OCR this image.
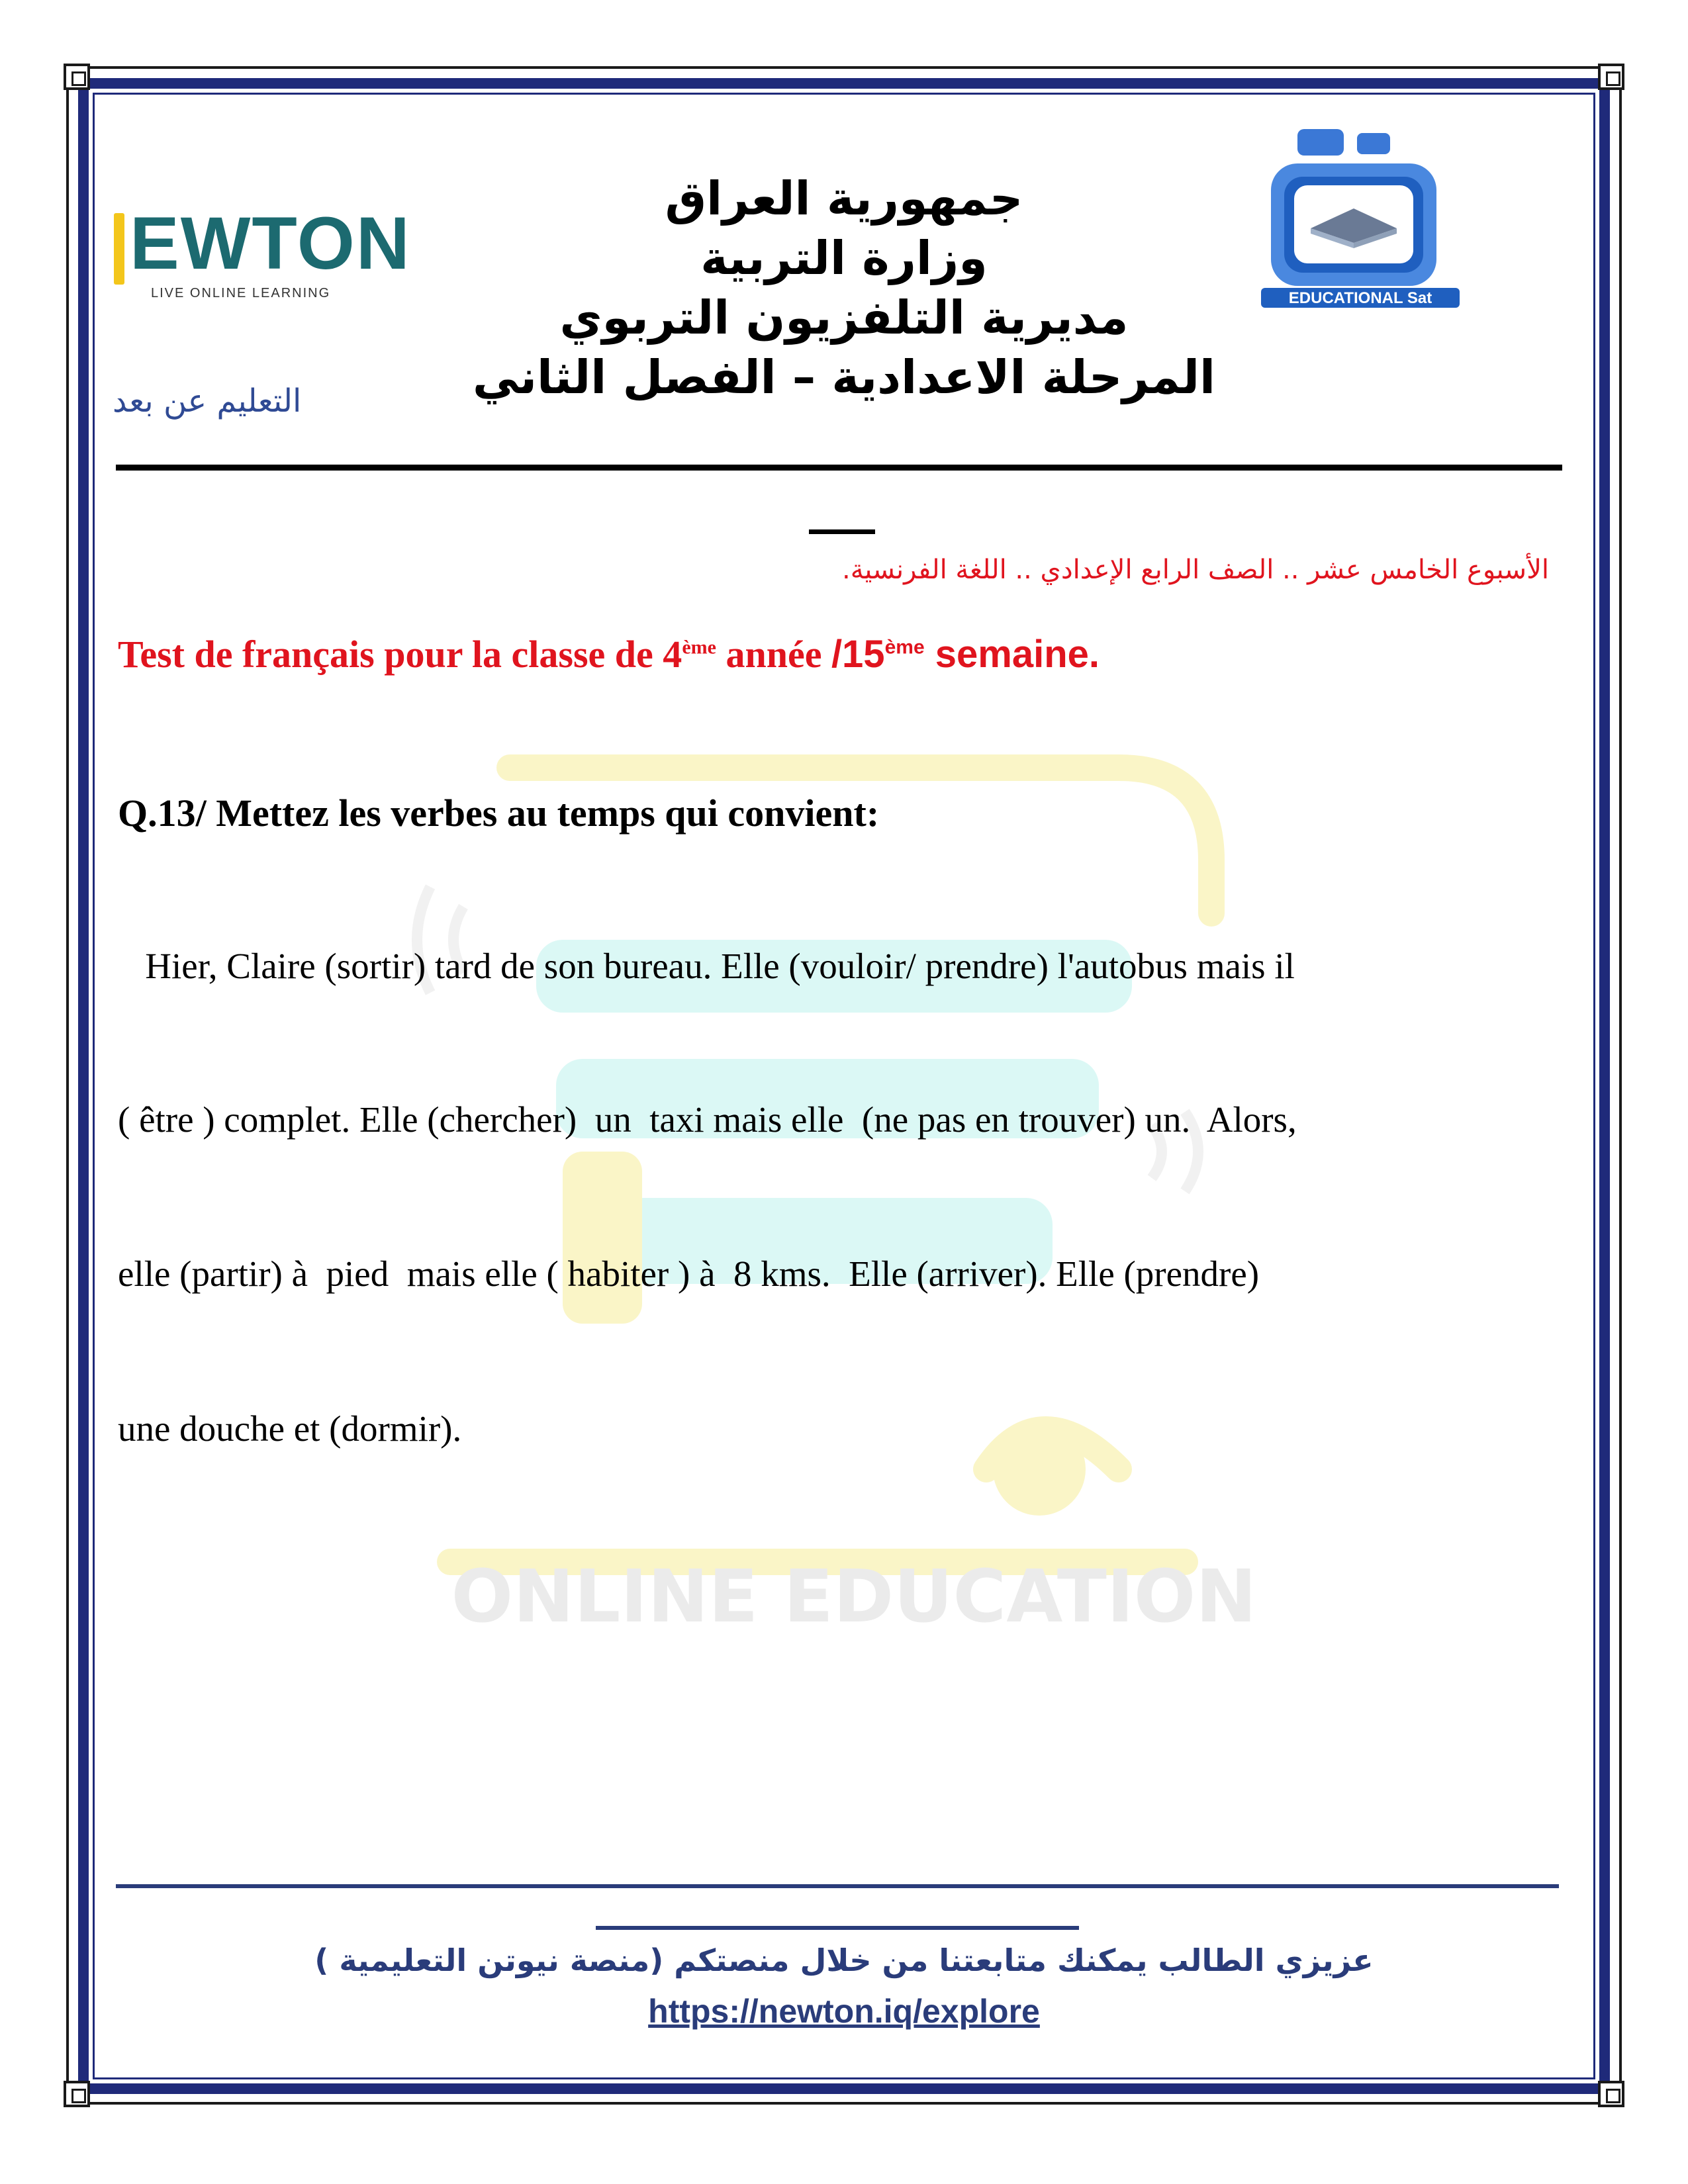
ONLINE EDUCATION
EWTON
LIVE ONLINE LEARNING	EDUCATIONAL Sat
جمهورية العراق
وزارة التربية
مديرية التلفزيون التربوي
المرحلة الاعدادية – الفصل الثاني
التعليم عن بعد
الأسبوع الخامس عشر .. الصف الرابع الإعدادي .. اللغة الفرنسية.
Test de français pour la classe de 4ème année /15ème semaine.
Q.13/ Mettez les verbes au temps qui convient:
Hier, Claire (sortir) tard de son bureau. Elle (vouloir/ prendre) l'autobus mais il
( être ) complet. Elle (chercher)  un  taxi mais elle  (ne pas en trouver) un.  Alors,
elle (partir) à  pied  mais elle ( habiter ) à  8 kms.  Elle (arriver). Elle (prendre)
une douche et (dormir).
عزيزي الطالب يمكنك متابعتنا من خلال منصتكم (منصة نيوتن التعليمية )
https://newton.iq/explore
